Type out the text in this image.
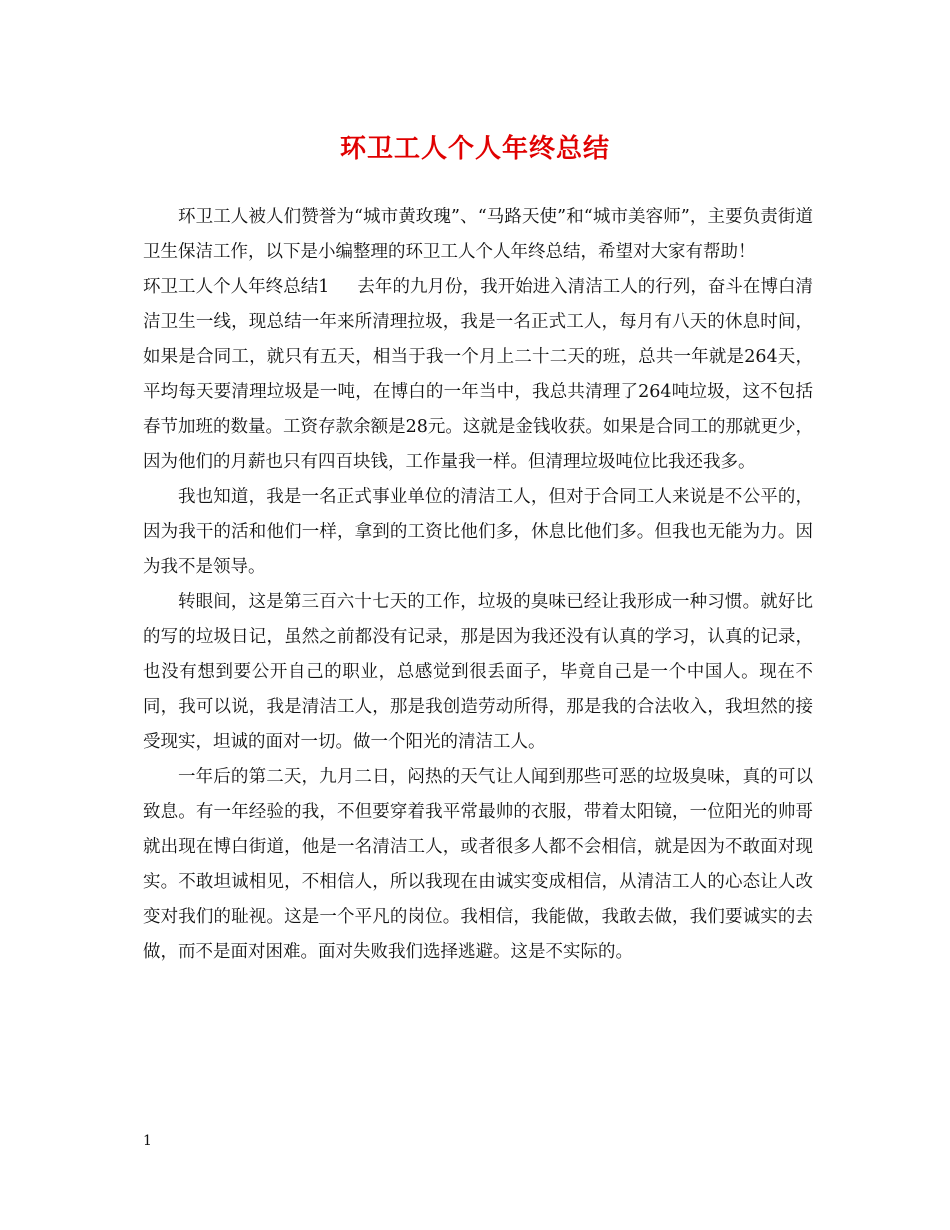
环卫工人个人年终总结

环卫工人被人们赞誉为“城市黄玫瑰”、“马路天使”和“城市美容师”，主要负责街道卫生保洁工作，以下是小编整理的环卫工人个人年终总结，希望对大家有帮助！

环卫工人个人年终总结1 去年的九月份，我开始进入清洁工人的行列，奋斗在博白清洁卫生一线，现总结一年来所清理拉圾，我是一名正式工人，每月有八天的休息时间，如果是合同工，就只有五天，相当于我一个月上二十二天的班，总共一年就是264天，平均每天要清理垃圾是一吨，在博白的一年当中，我总共清理了264吨垃圾，这不包括春节加班的数量。工资存款余额是28元。这就是金钱收获。如果是合同工的那就更少，因为他们的月薪也只有四百块钱，工作量我一样。但清理垃圾吨位比我还我多。

我也知道，我是一名正式事业单位的清洁工人，但对于合同工人来说是不公平的，因为我干的活和他们一样，拿到的工资比他们多，休息比他们多。但我也无能为力。因为我不是领导。

转眼间，这是第三百六十七天的工作，垃圾的臭味已经让我形成一种习惯。就好比的写的垃圾日记，虽然之前都没有记录，那是因为我还没有认真的学习，认真的记录，也没有想到要公开自己的职业，总感觉到很丢面子，毕竟自己是一个中国人。现在不同，我可以说，我是清洁工人，那是我创造劳动所得，那是我的合法收入，我坦然的接受现实，坦诚的面对一切。做一个阳光的清洁工人。

一年后的第二天，九月二日，闷热的天气让人闻到那些可恶的垃圾臭味，真的可以致息。有一年经验的我，不但要穿着我平常最帅的衣服，带着太阳镜，一位阳光的帅哥就出现在博白街道，他是一名清洁工人，或者很多人都不会相信，就是因为不敢面对现实。不敢坦诚相见，不相信人，所以我现在由诚实变成相信，从清洁工人的心态让人改变对我们的耻视。这是一个平凡的岗位。我相信，我能做，我敢去做，我们要诚实的去做，而不是面对困难。面对失败我们选择逃避。这是不实际的。

1
